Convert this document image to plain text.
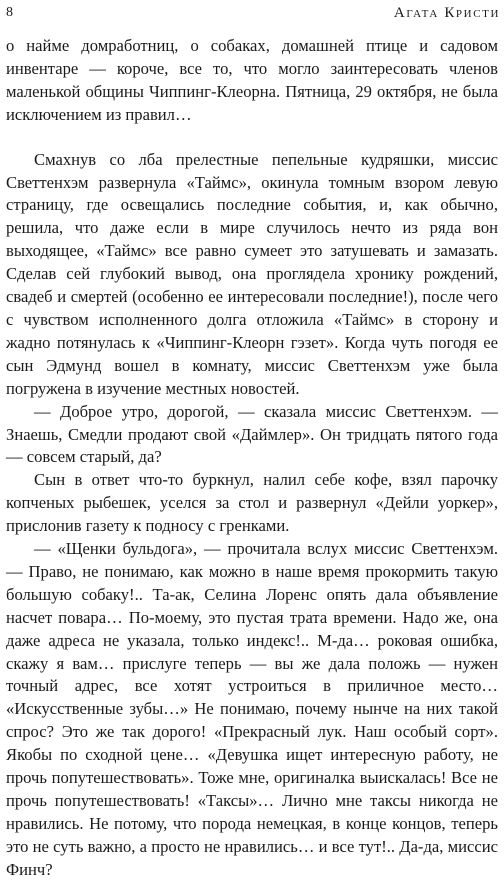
8	Агата Кристи

о найме домработниц, о собаках, домашней птице и садовом инвентаре — короче, все то, что могло заинтересовать членов маленькой общины Чиппинг-Клеорна. Пятница, 29 октября, не была исключением из правил…

Смахнув со лба прелестные пепельные кудряшки, миссис Светтенхэм развернула «Таймс», окинула томным взором левую страницу, где освещались последние события, и, как обычно, решила, что даже если в мире случилось нечто из ряда вон выходящее, «Таймс» все равно сумеет это затушевать и замазать. Сделав сей глубокий вывод, она проглядела хронику рождений, свадеб и смертей (особенно ее интересовали последние!), после чего с чувством исполненного долга отложила «Таймс» в сторону и жадно потянулась к «Чиппинг-Клеорн гэзет». Когда чуть погодя ее сын Эдмунд вошел в комнату, миссис Светтенхэм уже была погружена в изучение местных новостей.

— Доброе утро, дорогой, — сказала миссис Светтенхэм. — Знаешь, Смедли продают свой «Даймлер». Он тридцать пятого года — совсем старый, да?

Сын в ответ что-то буркнул, налил себе кофе, взял парочку копченых рыбешек, уселся за стол и развернул «Дейли уоркер», прислонив газету к подносу с гренками.

— «Щенки бульдога», — прочитала вслух миссис Светтенхэм. — Право, не понимаю, как можно в наше время прокормить такую большую собаку!.. Та-ак, Селина Лоренс опять дала объявление насчет повара… По-моему, это пустая трата времени. Надо же, она даже адреса не указала, только индекс!.. М-да… роковая ошибка, скажу я вам… прислуге теперь — вы же дала положь — нужен точный адрес, все хотят устроиться в приличное место… «Искусственные зубы…» Не понимаю, почему нынче на них такой спрос? Это же так дорого! «Прекрасный лук. Наш особый сорт». Якобы по сходной цене… «Девушка ищет интересную работу, не прочь попутешествовать». Тоже мне, оригиналка выискалась! Все не прочь попутешествовать! «Таксы»… Лично мне таксы никогда не нравились. Не потому, что порода немецкая, в конце концов, теперь это не суть важно, а просто не нравились… и все тут!.. Да-да, миссис Финч?
